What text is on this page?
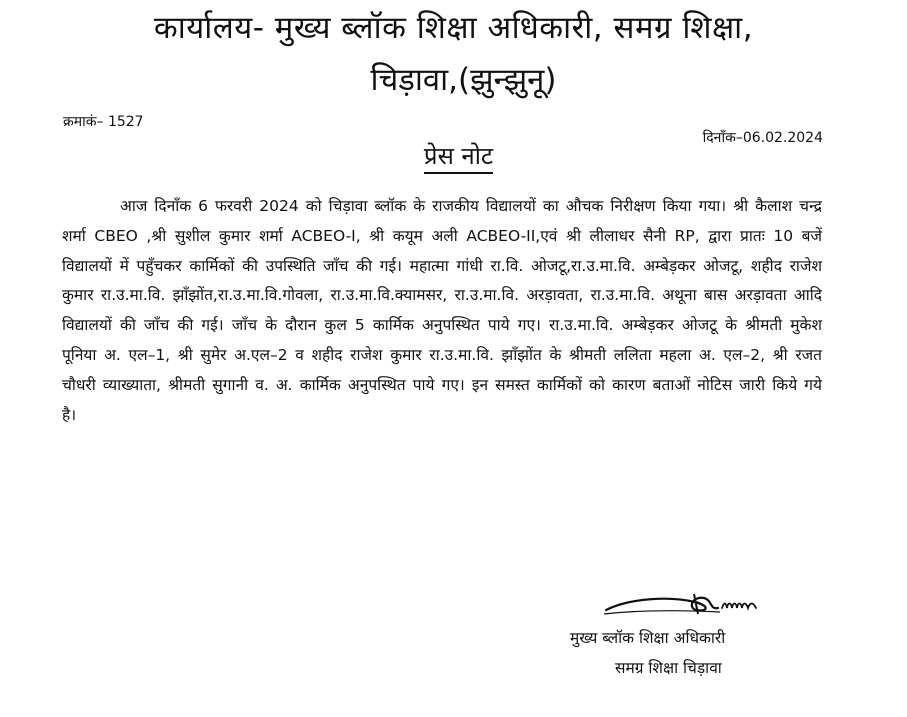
कार्यालय- मुख्य ब्लॉक शिक्षा अधिकारी, समग्र शिक्षा,
चिड़ावा,(झुन्झुनू)
क्रमाकं– 1527
दिनाँक–06.02.2024
प्रेस नोट
आज दिनाँक 6 फरवरी 2024 को चिड़ावा ब्लॉक के राजकीय विद्यालयों का औचक निरीक्षण किया गया। श्री कैलाश चन्द्र शर्मा CBEO ,श्री सुशील कुमार शर्मा ACBEO-I, श्री कयूम अली ACBEO-II,एवं श्री लीलाधर सैनी RP, द्वारा प्रातः 10 बजें विद्यालयों में पहुँचकर कार्मिकों की उपस्थिति जाँच की गई। महात्मा गांधी रा.वि. ओजटू,रा.उ.मा.वि. अम्बेड़कर ओजटू, शहीद राजेश कुमार रा.उ.मा.वि. झाँझोंत,रा.उ.मा.वि.गोवला, रा.उ.मा.वि.क्यामसर, रा.उ.मा.वि. अरड़ावता, रा.उ.मा.वि. अथूना बास अरड़ावता आदि विद्यालयों की जाँच की गई। जाँच के दौरान कुल 5 कार्मिक अनुपस्थित पाये गए। रा.उ.मा.वि. अम्बेड़कर ओजटू के श्रीमती मुकेश पूनिया अ. एल–1, श्री सुमेर अ.एल–2 व शहीद राजेश कुमार रा.उ.मा.वि. झाँझोंत के श्रीमती ललिता महला अ. एल–2, श्री रजत चौधरी व्याख्याता, श्रीमती सुगानी व. अ. कार्मिक अनुपस्थित पाये गए। इन समस्त कार्मिकों को कारण बताओं नोटिस जारी किये गये है।
मुख्य ब्लॉक शिक्षा अधिकारी
समग्र शिक्षा चिड़ावा
